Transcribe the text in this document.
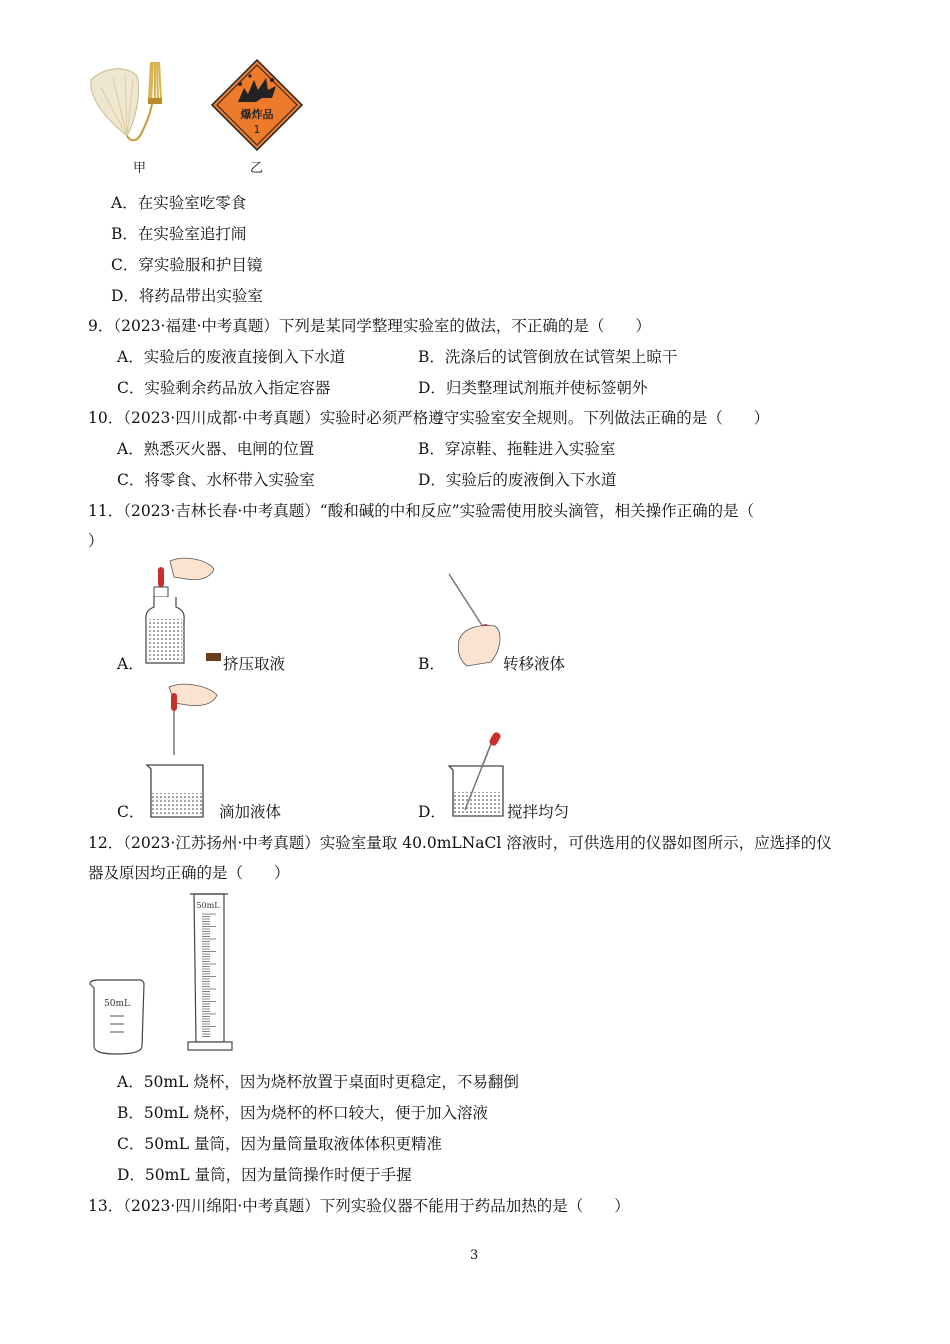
甲
爆炸品
1
乙
A．在实验室吃零食
B．在实验室追打闹
C．穿实验服和护目镜
D．将药品带出实验室
9．（2023·福建·中考真题）下列是某同学整理实验室的做法，不正确的是（　　）
A．实验后的废液直接倒入下水道	B．洗涤后的试管倒放在试管架上晾干
C．实验剩余药品放入指定容器	D．归类整理试剂瓶并使标签朝外
10．（2023·四川成都·中考真题）实验时必须严格遵守实验室安全规则。下列做法正确的是（　　）
A．熟悉灭火器、电闸的位置	B．穿凉鞋、拖鞋进入实验室
C．将零食、水杯带入实验室	D．实验后的废液倒入下水道
11．（2023·吉林长春·中考真题）“酸和碱的中和反应”实验需使用胶头滴管，相关操作正确的是（
）
A．	挤压取液	B．	转移液体
C．	滴加液体	D．	搅拌均匀
12．（2023·江苏扬州·中考真题）实验室量取 40.0mLNaCl 溶液时，可供选用的仪器如图所示，应选择的仪
器及原因均正确的是（　　）
50mL
50mL
A．50mL 烧杯，因为烧杯放置于桌面时更稳定，不易翻倒
B．50mL 烧杯，因为烧杯的杯口较大，便于加入溶液
C．50mL 量筒，因为量筒量取液体体积更精准
D．50mL 量筒，因为量筒操作时便于手握
13．（2023·四川绵阳·中考真题）下列实验仪器不能用于药品加热的是（　　）
3
